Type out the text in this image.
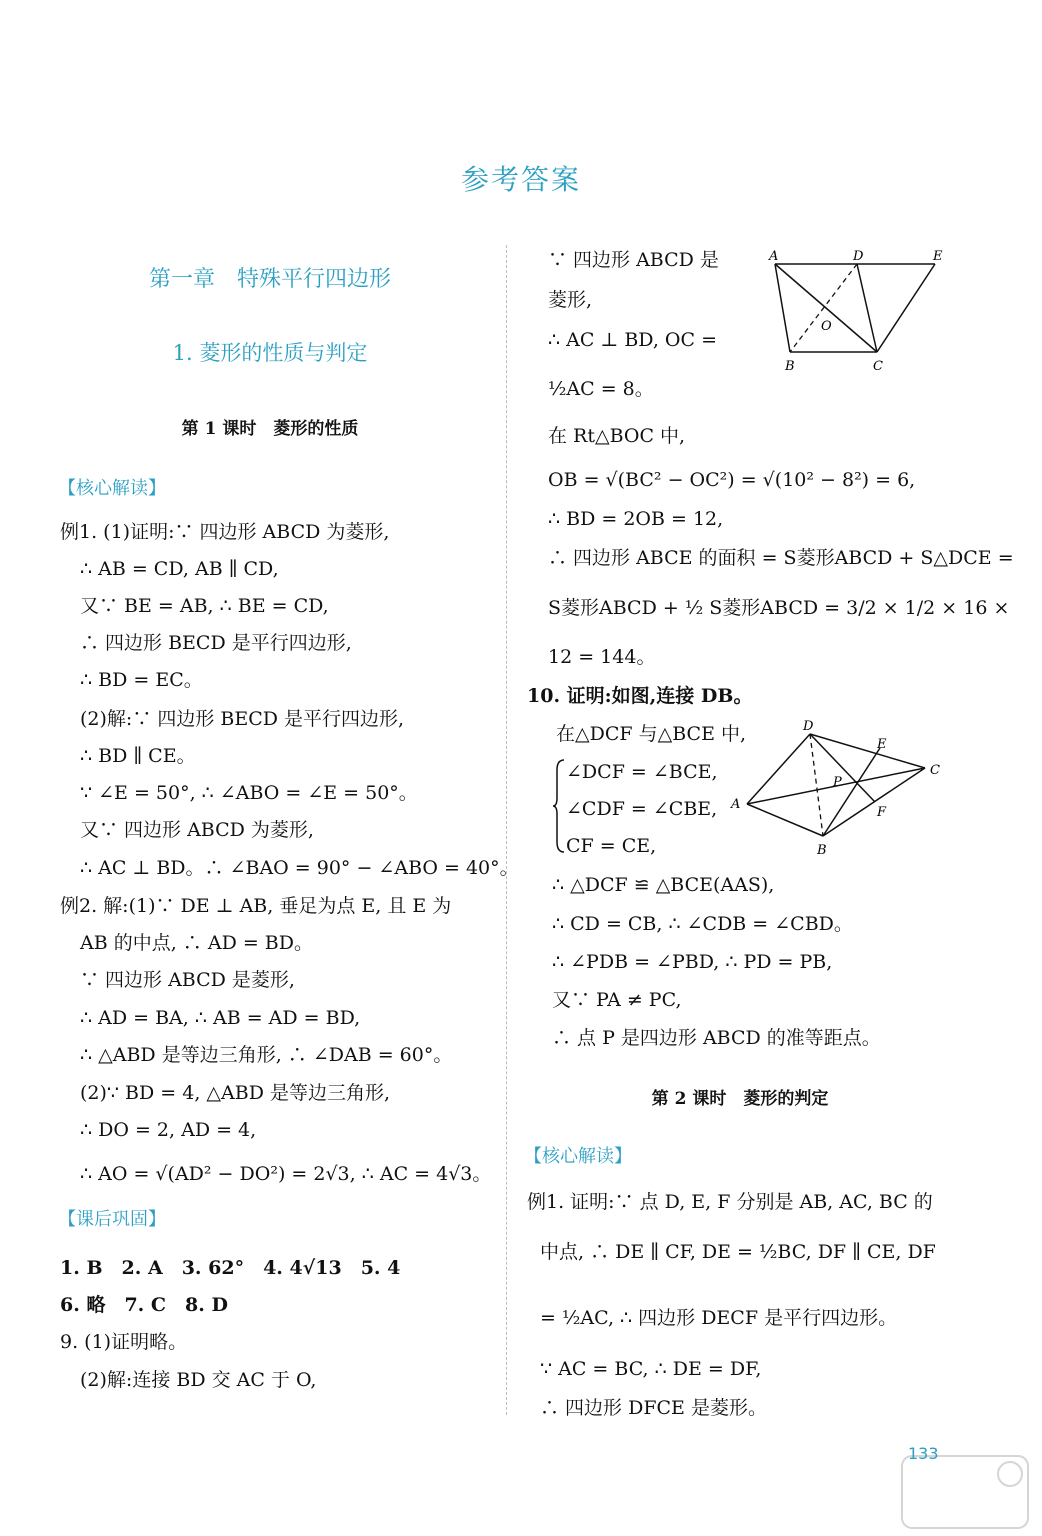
参考答案
第一章　特殊平行四边形
1. 菱形的性质与判定
第 1 课时　菱形的性质
【核心解读】
例1. (1)证明:∵ 四边形 ABCD 为菱形,
∴ AB = CD, AB ∥ CD,
又∵ BE = AB, ∴ BE = CD,
∴ 四边形 BECD 是平行四边形,
∴ BD = EC。
(2)解:∵ 四边形 BECD 是平行四边形,
∴ BD ∥ CE。
∵ ∠E = 50°, ∴ ∠ABO = ∠E = 50°。
又∵ 四边形 ABCD 为菱形,
∴ AC ⊥ BD。∴ ∠BAO = 90° − ∠ABO = 40°。
例2. 解:(1)∵ DE ⊥ AB, 垂足为点 E, 且 E 为
AB 的中点, ∴ AD = BD。
∵ 四边形 ABCD 是菱形,
∴ AD = BA, ∴ AB = AD = BD,
∴ △ABD 是等边三角形, ∴ ∠DAB = 60°。
(2)∵ BD = 4, △ABD 是等边三角形,
∴ DO = 2, AD = 4,
∴ AO = √(AD² − DO²) = 2√3, ∴ AC = 4√3。
【课后巩固】
1. B　2. A　3. 62°　4. 4√13　5. 4
6. 略　7. C　8. D
9. (1)证明略。
(2)解:连接 BD 交 AC 于 O,
∵ 四边形 ABCD 是
菱形,
∴ AC ⊥ BD, OC =
½AC = 8。
在 Rt△BOC 中,
OB = √(BC² − OC²) = √(10² − 8²) = 6,
∴ BD = 2OB = 12,
∴ 四边形 ABCE 的面积 = S菱形ABCD + S△DCE =
S菱形ABCD + ½ S菱形ABCD = 3/2 × 1/2 × 16 ×
12 = 144。
A	D	E
O
B	C
10. 证明:如图,连接 DB。
在△DCF 与△BCE 中,
∠DCF = ∠BCE,
∠CDF = ∠CBE,
CF = CE,
∴ △DCF ≌ △BCE(AAS),
∴ CD = CB, ∴ ∠CDB = ∠CBD。
∴ ∠PDB = ∠PBD, ∴ PD = PB,
又∵ PA ≠ PC,
∴ 点 P 是四边形 ABCD 的准等距点。
D
E
P
C
A
F
B
第 2 课时　菱形的判定
【核心解读】
例1. 证明:∵ 点 D, E, F 分别是 AB, AC, BC 的
中点, ∴ DE ∥ CF, DE = ½BC, DF ∥ CE, DF
= ½AC, ∴ 四边形 DECF 是平行四边形。
∵ AC = BC, ∴ DE = DF,
∴ 四边形 DFCE 是菱形。
133
